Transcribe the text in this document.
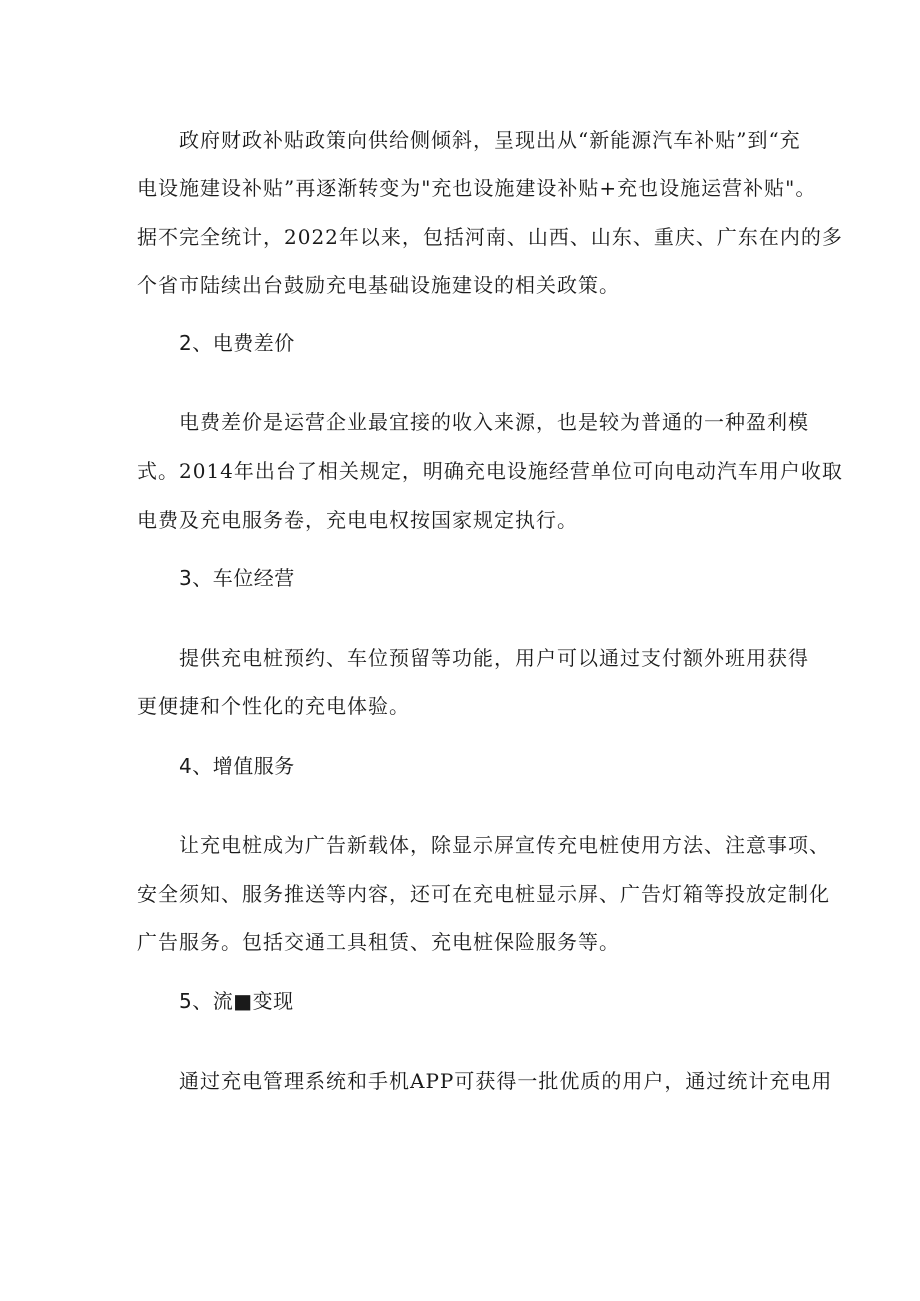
政府财政补贴政策向供给侧倾斜，呈现出从“新能源汽车补贴”到“充
电设施建设补贴”再逐渐转变为"充也设施建设补贴+充也设施运营补贴"。
据不完全统计，2022年以来，包括河南、山西、山东、重庆、广东在内的多
个省市陆续出台鼓励充电基础设施建设的相关政策。
2、电费差价
电费差价是运营企业最宜接的收入来源，也是较为普通的一种盈利模
式。2014年出台了相关规定，明确充电设施经营单位可向电动汽车用户收取
电费及充电服务卷，充电电权按国家规定执行。
3、车位经营
提供充电桩预约、车位预留等功能，用户可以通过支付额外班用获得
更便捷和个性化的充电体验。
4、增值服务
让充电桩成为广告新载体，除显示屏宣传充电桩使用方法、注意事项、
安全须知、服务推送等内容，还可在充电桩显示屏、广告灯箱等投放定制化
广告服务。包括交通工具租赁、充电桩保险服务等。
5、流■变现
通过充电管理系统和手机APP可获得一批优质的用户，通过统计充电用
